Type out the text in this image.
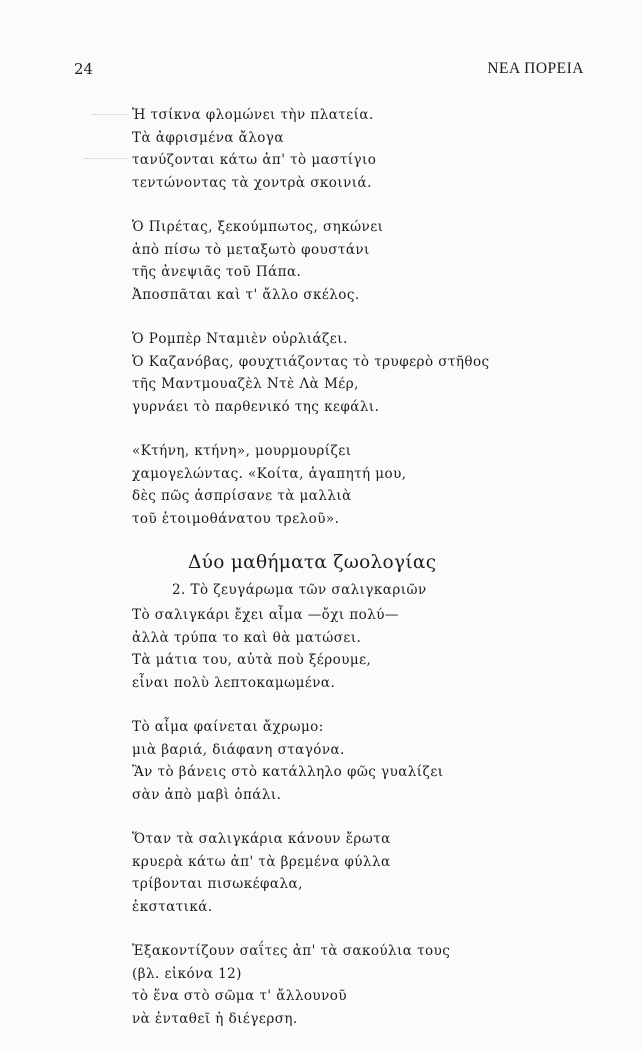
24	ΝΕΑ ΠΟΡΕΙΑ
Ἡ τσίκνα φλομώνει τὴν πλατεία.
Τὰ ἀφρισμένα ἄλογα
τανύζονται κάτω ἀπ' τὸ μαστίγιο
τεντώνοντας τὰ χοντρὰ σκοινιά.
Ὁ Πιρέτας, ξεκούμπωτος, σηκώνει
ἀπὸ πίσω τὸ μεταξωτὸ φουστάνι
τῆς ἀνεψιᾶς τοῦ Πάπα.
Ἀποσπᾶται καὶ τ' ἄλλο σκέλος.
Ὁ Ρομπὲρ Νταμιὲν οὐρλιάζει.
Ὁ Καζανόβας, φουχτιάζοντας τὸ τρυφερὸ στῆθος
τῆς Μαντμουαζὲλ Ντὲ Λὰ Μέρ,
γυρνάει τὸ παρθενικό της κεφάλι.
«Κτήνη, κτήνη», μουρμουρίζει
χαμογελώντας. «Κοίτα, ἀγαπητή μου,
δὲς πῶς ἀσπρίσανε τὰ μαλλιὰ
τοῦ ἑτοιμοθάνατου τρελοῦ».
Δύο μαθήματα ζωολογίας
2. Τὸ ζευγάρωμα τῶν σαλιγκαριῶν
Τὸ σαλιγκάρι ἔχει αἷμα —ὄχι πολύ—
ἀλλὰ τρύπα το καὶ θὰ ματώσει.
Τὰ μάτια του, αὐτὰ ποὺ ξέρουμε,
εἶναι πολὺ λεπτοκαμωμένα.
Τὸ αἷμα φαίνεται ἄχρωμο:
μιὰ βαριά, διάφανη σταγόνα.
Ἂν τὸ βάνεις στὸ κατάλληλο φῶς γυαλίζει
σὰν ἀπὸ μαβὶ ὀπάλι.
Ὅταν τὰ σαλιγκάρια κάνουν ἔρωτα
κρυερὰ κάτω ἀπ' τὰ βρεμένα φύλλα
τρίβονται πισωκέφαλα,
ἐκστατικά.
Ἐξακοντίζουν σαΐτες ἀπ' τὰ σακούλια τους
(βλ. εἰκόνα 12)
τὸ ἕνα στὸ σῶμα τ' ἄλλουνοῦ
νὰ ἐνταθεῖ ἡ διέγερση.
